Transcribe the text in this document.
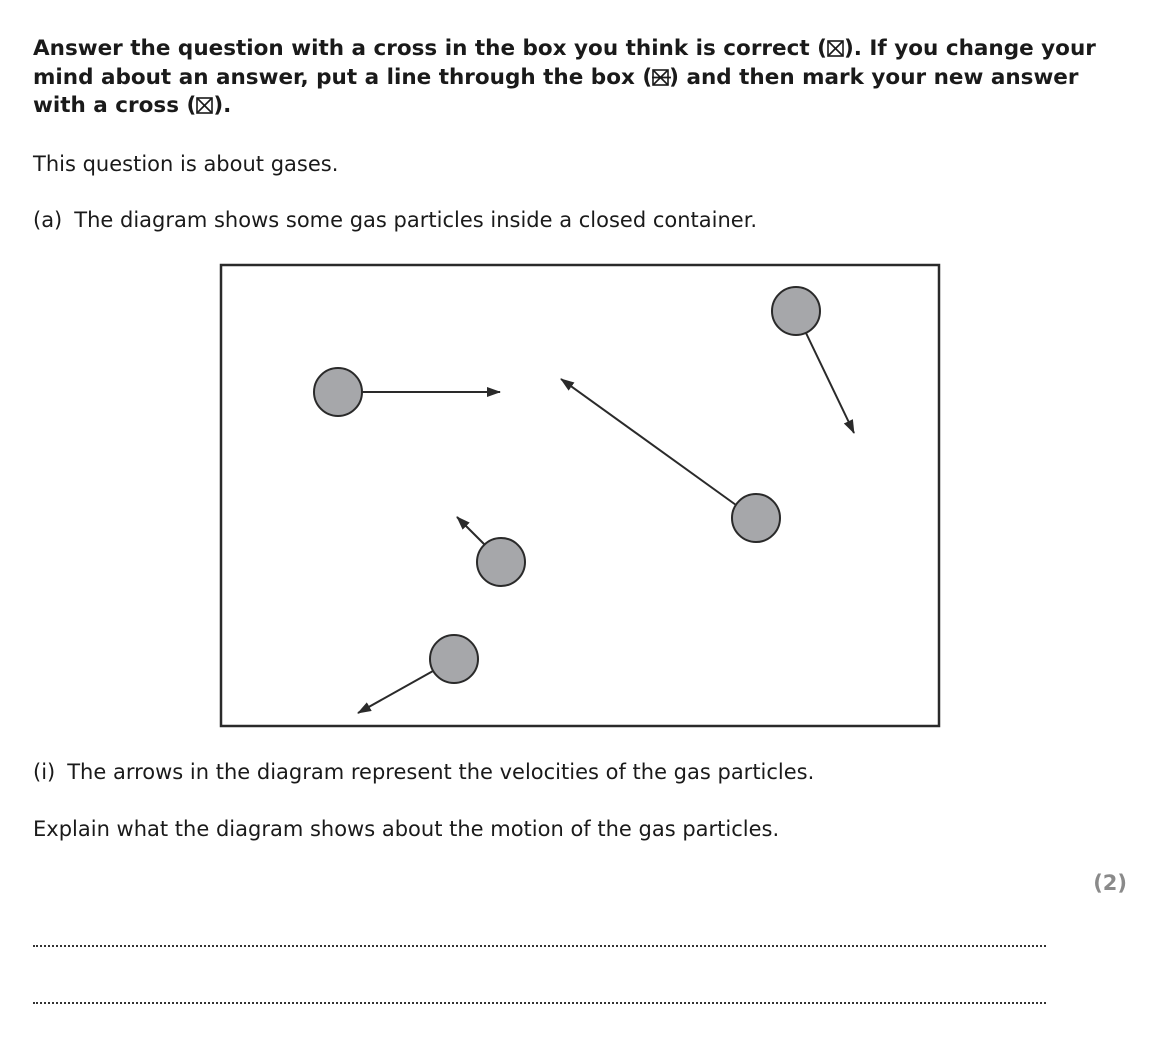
Answer the question with a cross in the box you think is correct (☒). If you change your mind about an answer, put a line through the box ( ) and then mark your new answer with a cross (☒).

This question is about gases.

(a) The diagram shows some gas particles inside a closed container.

(i) The arrows in the diagram represent the velocities of the gas particles.

Explain what the diagram shows about the motion of the gas particles.

(2)
